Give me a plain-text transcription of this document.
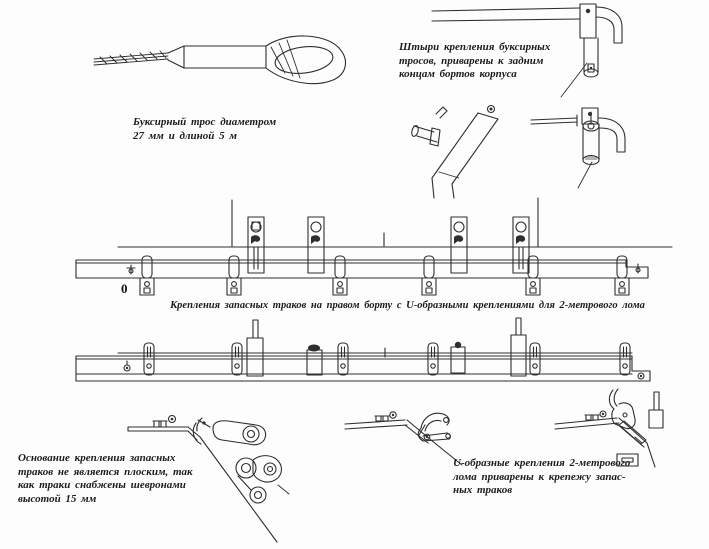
Буксирный трос диаметром
27 мм и длиной 5 м
Штыри крепления буксирных
тросов, приварены к задним
концам бортов корпуса
0
Крепления запасных траков на правом борту с U-образными креплениями для 2-метрового лома
Основание крепления запасных
траков не является плоским, так
как траки снабжены шевронами
высотой 15 мм
U-образные крепления 2-метрового
лома приварены к крепежу запас-
ных траков
